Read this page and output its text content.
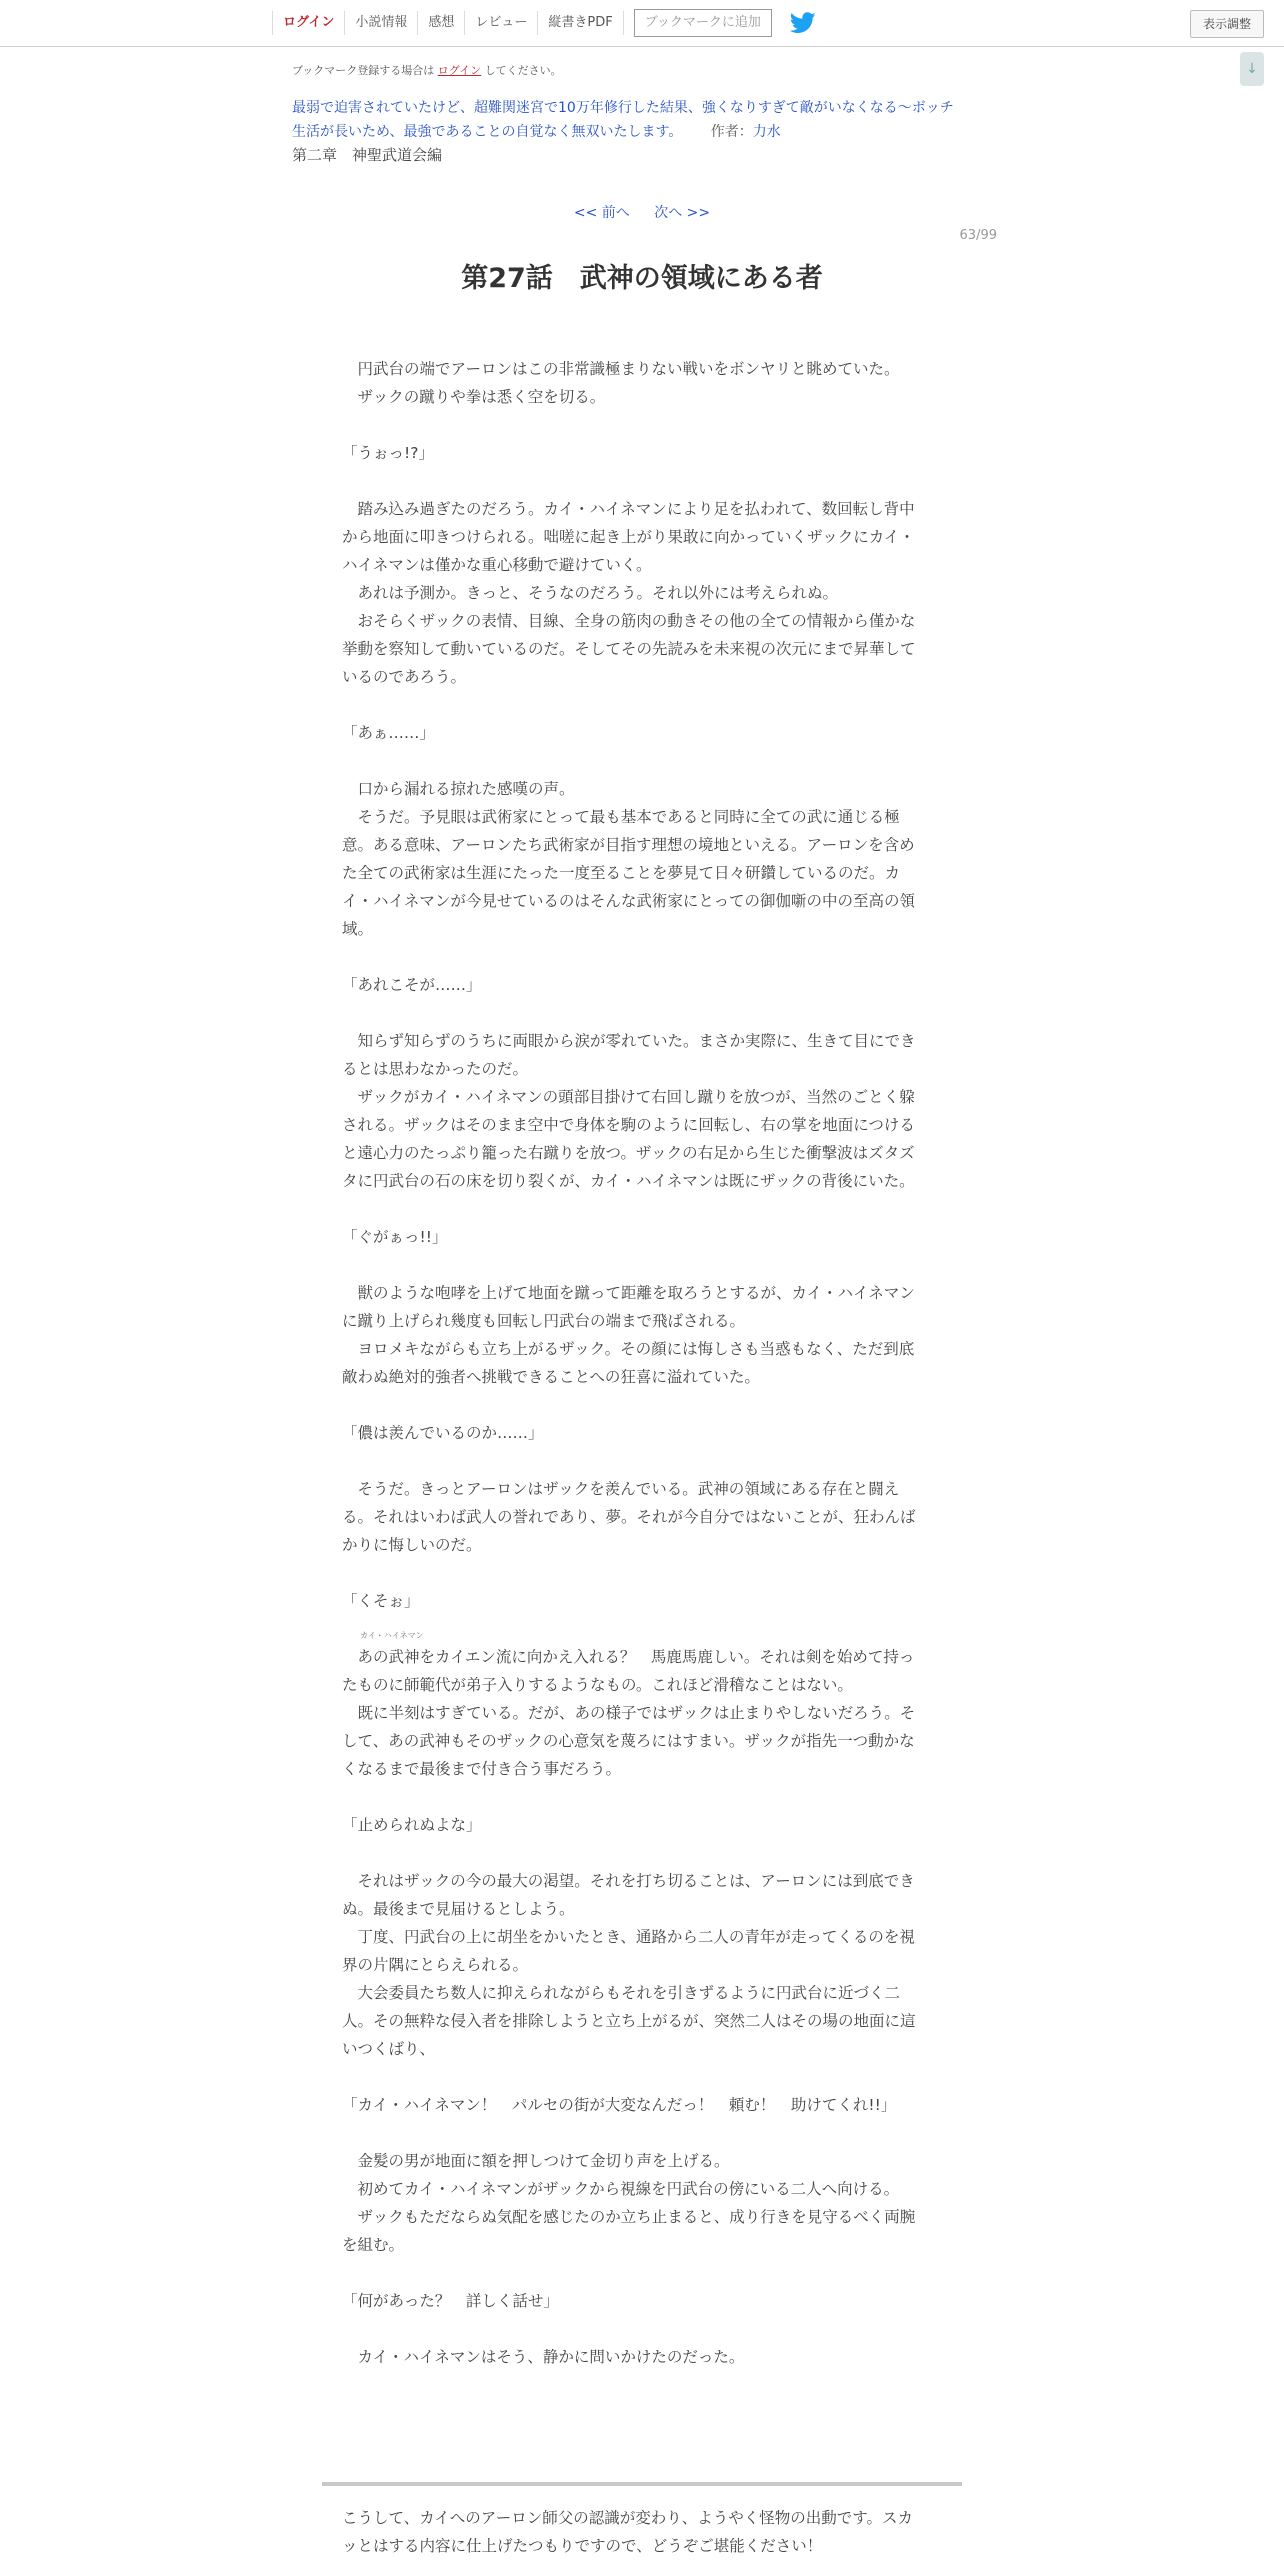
ログイン	小説情報	感想	レビュー	縦書きPDF	ブックマークに追加	表示調整
↓
ブックマーク登録する場合は ログイン してください。
最弱で迫害されていたけど、超難関迷宮で10万年修行した結果、強くなりすぎて敵がいなくなる～ボッチ
生活が長いため、最強であることの自覚なく無双いたします。 作者：力水
第二章　神聖武道会編
<< 前へ 次へ >>
63/99
第27話　武神の領域にある者
　円武台の端でアーロンはこの非常識極まりない戦いをボンヤリと眺めていた。
　ザックの蹴りや拳は悉く空を切る。
「うぉっ!?」
　踏み込み過ぎたのだろう。カイ・ハイネマンにより足を払われて、数回転し背中
から地面に叩きつけられる。咄嗟に起き上がり果敢に向かっていくザックにカイ・
ハイネマンは僅かな重心移動で避けていく。
　あれは予測か。きっと、そうなのだろう。それ以外には考えられぬ。
　おそらくザックの表情、目線、全身の筋肉の動きその他の全ての情報から僅かな
挙動を察知して動いているのだ。そしてその先読みを未来視の次元にまで昇華して
いるのであろう。
「あぁ……」
　口から漏れる掠れた感嘆の声。
　そうだ。予見眼は武術家にとって最も基本であると同時に全ての武に通じる極
意。ある意味、アーロンたち武術家が目指す理想の境地といえる。アーロンを含め
た全ての武術家は生涯にたった一度至ることを夢見て日々研鑽しているのだ。カ
イ・ハイネマンが今見せているのはそんな武術家にとっての御伽噺の中の至高の領
域。
「あれこそが……」
　知らず知らずのうちに両眼から涙が零れていた。まさか実際に、生きて目にでき
るとは思わなかったのだ。
　ザックがカイ・ハイネマンの頭部目掛けて右回し蹴りを放つが、当然のごとく躱
される。ザックはそのまま空中で身体を駒のように回転し、右の掌を地面につける
と遠心力のたっぷり籠った右蹴りを放つ。ザックの右足から生じた衝撃波はズタズ
タに円武台の石の床を切り裂くが、カイ・ハイネマンは既にザックの背後にいた。
「ぐがぁっ!!」
　獣のような咆哮を上げて地面を蹴って距離を取ろうとするが、カイ・ハイネマン
に蹴り上げられ幾度も回転し円武台の端まで飛ばされる。
　ヨロメキながらも立ち上がるザック。その顔には悔しさも当惑もなく、ただ到底
敵わぬ絶対的強者へ挑戦できることへの狂喜に溢れていた。
「儂は羨んでいるのか……」
　そうだ。きっとアーロンはザックを羨んでいる。武神の領域にある存在と闘え
る。それはいわば武人の誉れであり、夢。それが今自分ではないことが、狂わんば
かりに悔しいのだ。
「くそぉ」
カイ・ハイネマン
　あの武神をカイエン流に向かえ入れる？　馬鹿馬鹿しい。それは剣を始めて持っ
たものに師範代が弟子入りするようなもの。これほど滑稽なことはない。
　既に半刻はすぎている。だが、あの様子ではザックは止まりやしないだろう。そ
して、あの武神もそのザックの心意気を蔑ろにはすまい。ザックが指先一つ動かな
くなるまで最後まで付き合う事だろう。
「止められぬよな」
　それはザックの今の最大の渇望。それを打ち切ることは、アーロンには到底でき
ぬ。最後まで見届けるとしよう。
　丁度、円武台の上に胡坐をかいたとき、通路から二人の青年が走ってくるのを視
界の片隅にとらえられる。
　大会委員たち数人に抑えられながらもそれを引きずるように円武台に近づく二
人。その無粋な侵入者を排除しようと立ち上がるが、突然二人はその場の地面に這
いつくばり、
「カイ・ハイネマン！　パルセの街が大変なんだっ！　頼む！　助けてくれ!!」
　金髪の男が地面に額を押しつけて金切り声を上げる。
　初めてカイ・ハイネマンがザックから視線を円武台の傍にいる二人へ向ける。
　ザックもただならぬ気配を感じたのか立ち止まると、成り行きを見守るべく両腕
を組む。
「何があった？　詳しく話せ」
　カイ・ハイネマンはそう、静かに問いかけたのだった。
こうして、カイへのアーロン師父の認識が変わり、ようやく怪物の出動です。スカ
ッとはする内容に仕上げたつもりですので、どうぞご堪能ください！
